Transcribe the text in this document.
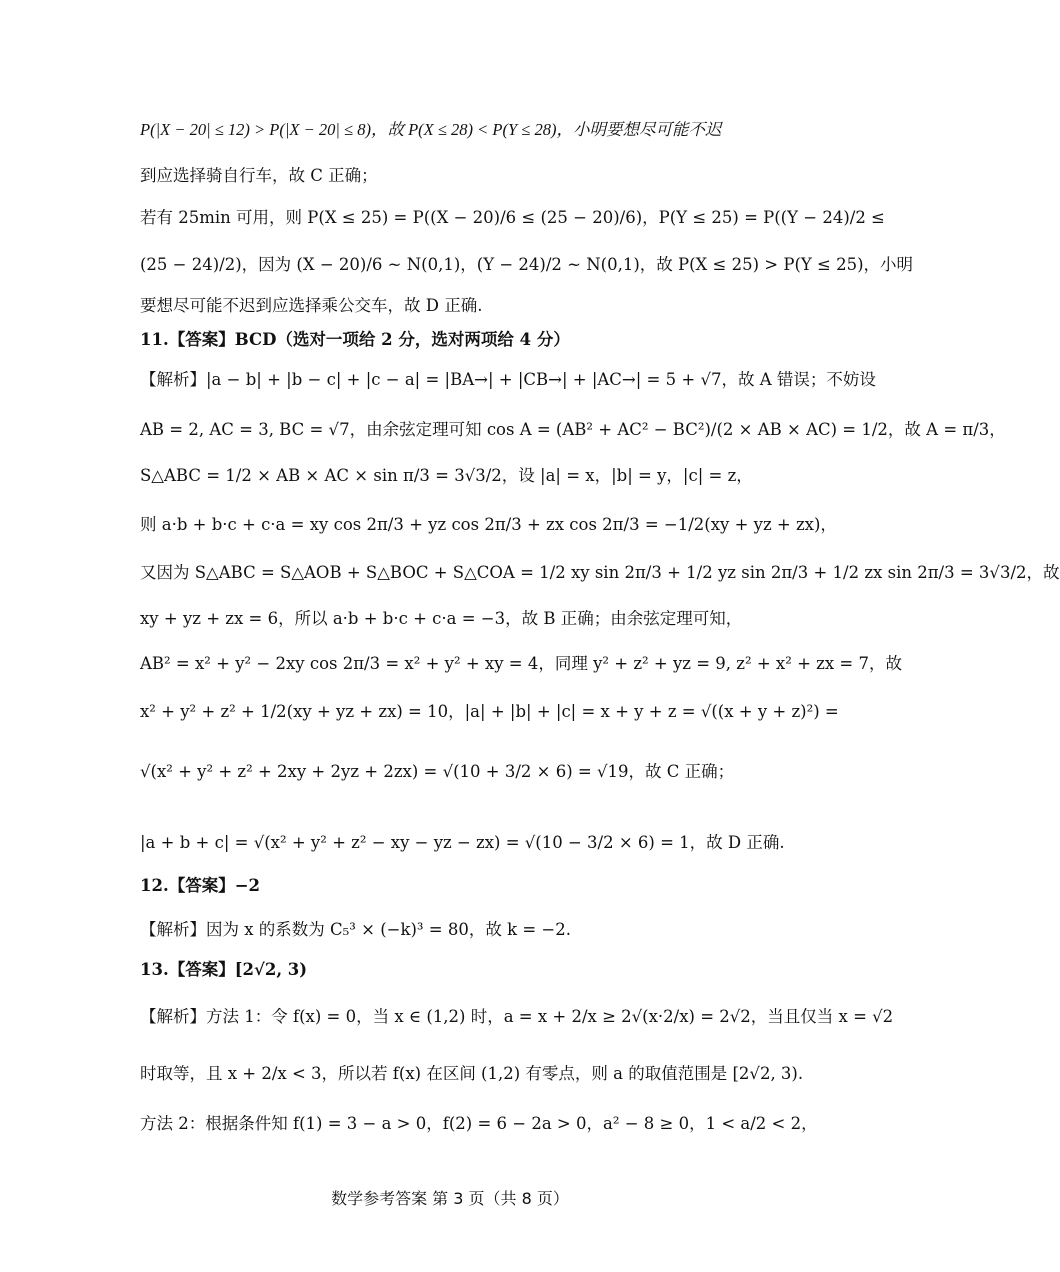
P(|X − 20| ≤ 12) > P(|X − 20| ≤ 8)，故 P(X ≤ 28) < P(Y ≤ 28)，小明要想尽可能不迟
到应选择骑自行车，故 C 正确；
若有 25min 可用，则 P(X ≤ 25) = P((X − 20)/6 ≤ (25 − 20)/6)，P(Y ≤ 25) = P((Y − 24)/2 ≤
(25 − 24)/2)，因为 (X − 20)/6 ~ N(0,1)，(Y − 24)/2 ~ N(0,1)，故 P(X ≤ 25) > P(Y ≤ 25)，小明
要想尽可能不迟到应选择乘公交车，故 D 正确.
11.【答案】BCD（选对一项给 2 分，选对两项给 4 分）
【解析】|a − b| + |b − c| + |c − a| = |BA→| + |CB→| + |AC→| = 5 + √7，故 A 错误；不妨设
AB = 2, AC = 3, BC = √7，由余弦定理可知 cos A = (AB² + AC² − BC²)/(2 × AB × AC) = 1/2，故 A = π/3，
S△ABC = 1/2 × AB × AC × sin π/3 = 3√3/2，设 |a| = x，|b| = y，|c| = z，
则 a·b + b·c + c·a = xy cos 2π/3 + yz cos 2π/3 + zx cos 2π/3 = −1/2(xy + yz + zx)，
又因为 S△ABC = S△AOB + S△BOC + S△COA = 1/2 xy sin 2π/3 + 1/2 yz sin 2π/3 + 1/2 zx sin 2π/3 = 3√3/2，故
xy + yz + zx = 6，所以 a·b + b·c + c·a = −3，故 B 正确；由余弦定理可知，
AB² = x² + y² − 2xy cos 2π/3 = x² + y² + xy = 4，同理 y² + z² + yz = 9, z² + x² + zx = 7，故
x² + y² + z² + 1/2(xy + yz + zx) = 10，|a| + |b| + |c| = x + y + z = √((x + y + z)²) =
√(x² + y² + z² + 2xy + 2yz + 2zx) = √(10 + 3/2 × 6) = √19，故 C 正确；
|a + b + c| = √(x² + y² + z² − xy − yz − zx) = √(10 − 3/2 × 6) = 1，故 D 正确.
12.【答案】−2
【解析】因为 x 的系数为 C₅³ × (−k)³ = 80，故 k = −2.
13.【答案】[2√2, 3)
【解析】方法 1：令 f(x) = 0，当 x ∈ (1,2) 时，a = x + 2/x ≥ 2√(x·2/x) = 2√2，当且仅当 x = √2
时取等，且 x + 2/x < 3，所以若 f(x) 在区间 (1,2) 有零点，则 a 的取值范围是 [2√2, 3).
方法 2：根据条件知 f(1) = 3 − a > 0，f(2) = 6 − 2a > 0，a² − 8 ≥ 0，1 < a/2 < 2，
数学参考答案 第 3 页（共 8 页）
